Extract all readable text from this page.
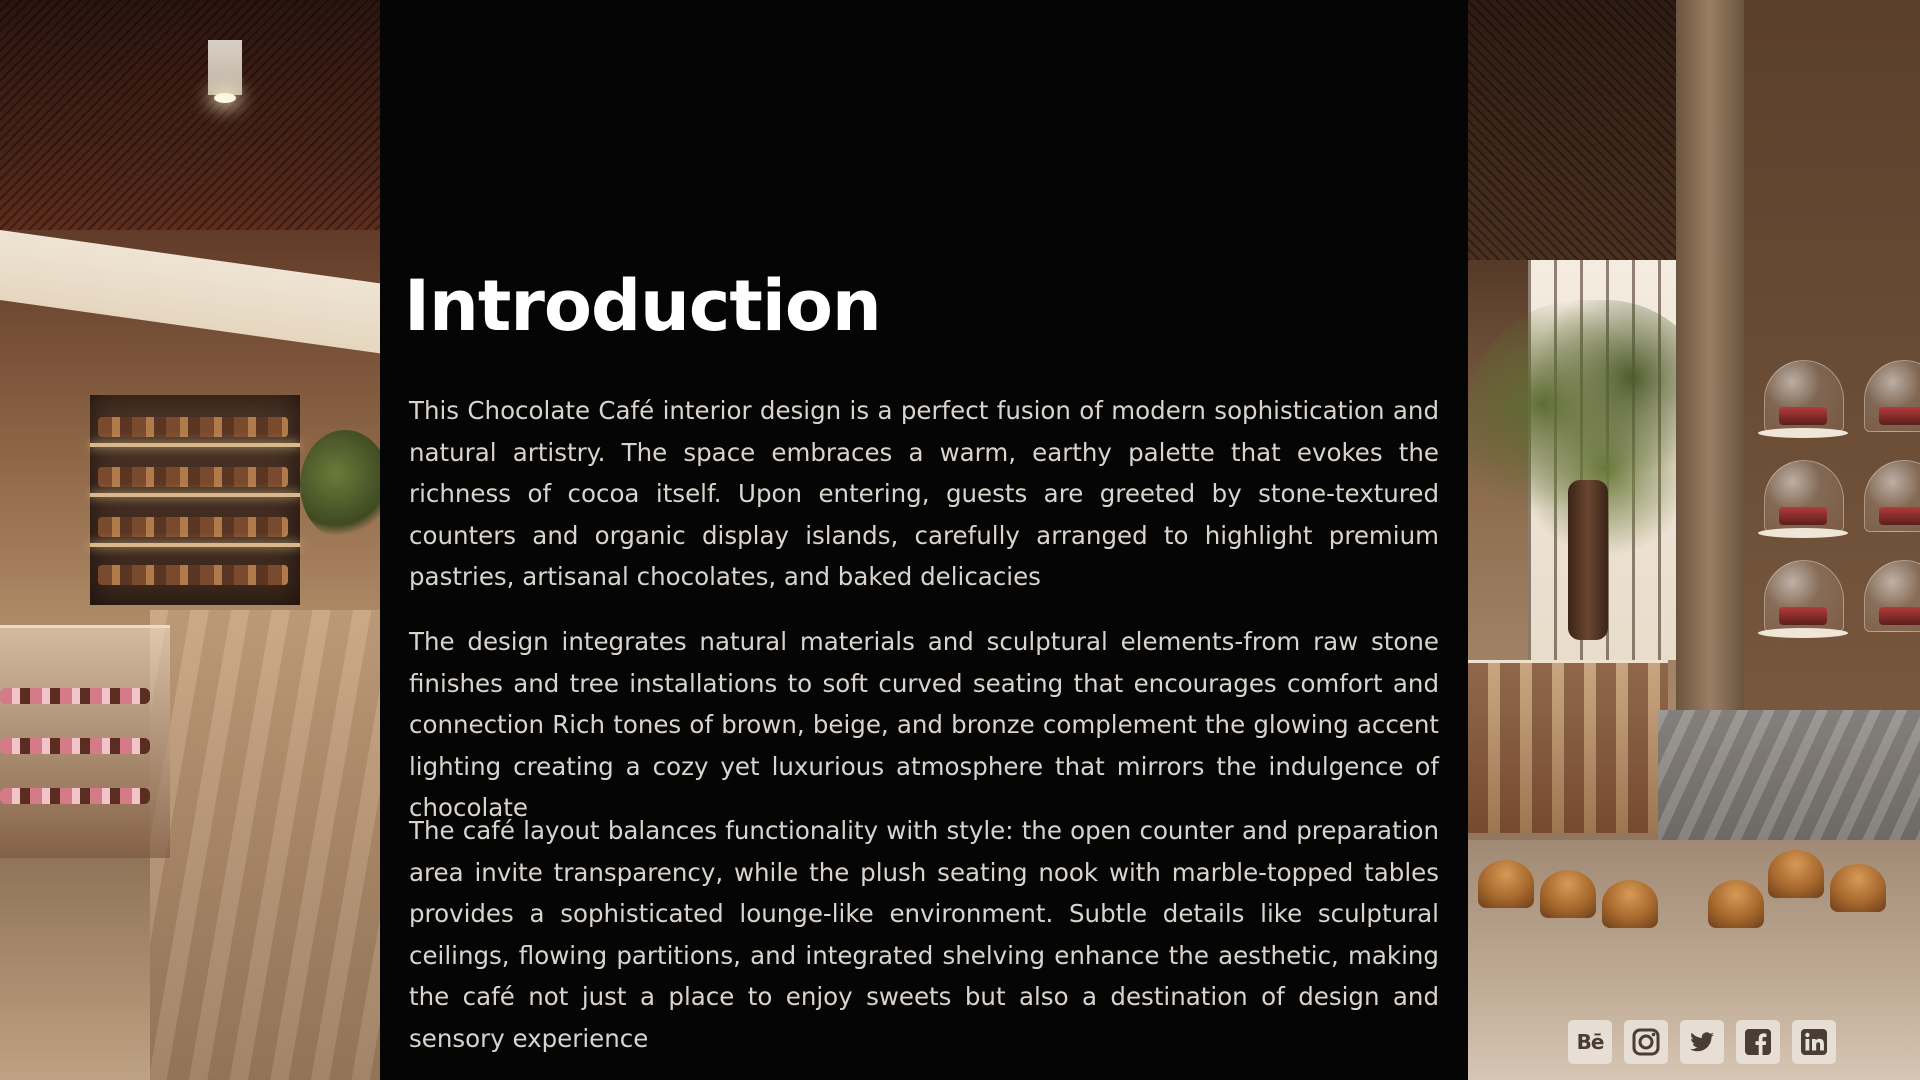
Introduction

This Chocolate Café interior design is a perfect fusion of modern sophistication and natural artistry. The space embraces a warm, earthy palette that evokes the richness of cocoa itself. Upon entering, guests are greeted by stone-textured counters and organic display islands, carefully arranged to highlight premium pastries, artisanal chocolates, and baked delicacies

The design integrates natural materials and sculptural elements-from raw stone finishes and tree installations to soft curved seating that encourages comfort and connection Rich tones of brown, beige, and bronze complement the glowing accent lighting creating a cozy yet luxurious atmosphere that mirrors the indulgence of chocolate

The café layout balances functionality with style: the open counter and preparation area invite transparency, while the plush seating nook with marble-topped tables provides a sophisticated lounge-like environment. Subtle details like sculptural ceilings, flowing partitions, and integrated shelving enhance the aesthetic, making the café not just a place to enjoy sweets but also a destination of design and sensory experience	Bē
